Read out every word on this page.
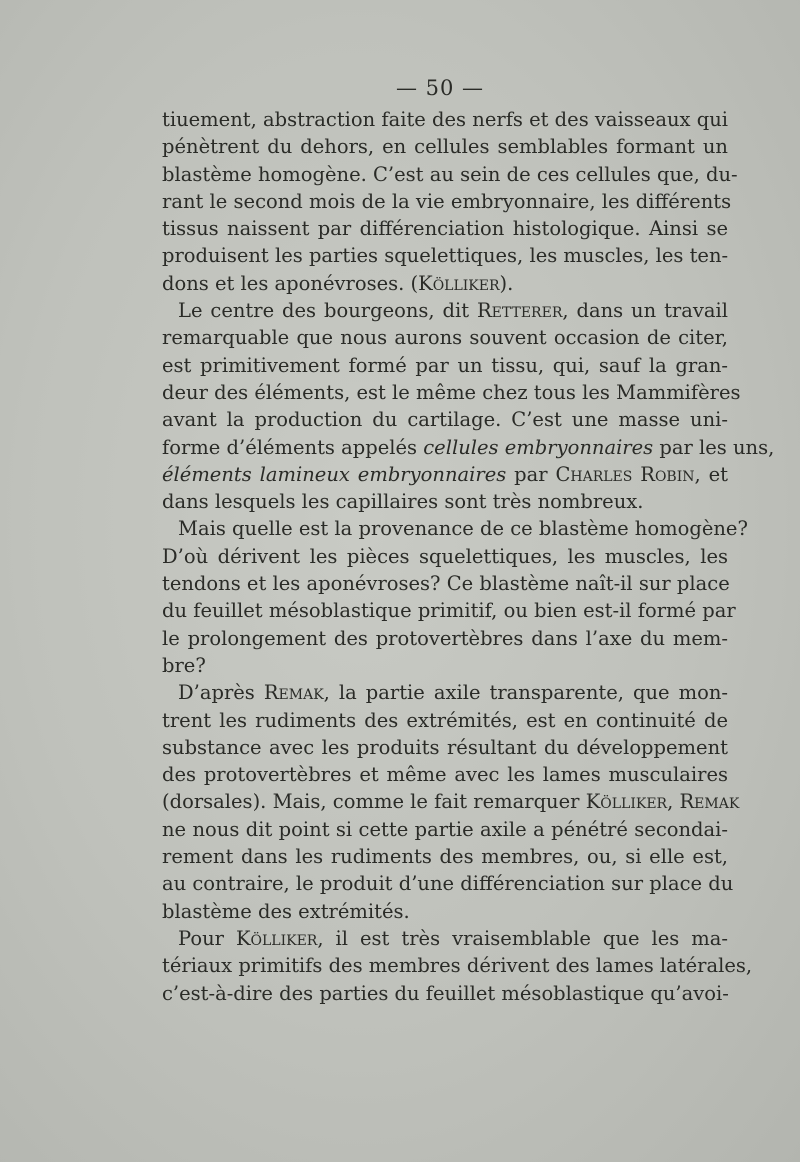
— 50 —
tiuement, abstraction faite des nerfs et des vaisseaux qui
pénètrent du dehors, en cellules semblables formant un
blastème homogène. C’est au sein de ces cellules que, du-
rant le second mois de la vie embryonnaire, les différents
tissus naissent par différenciation histologique. Ainsi se
produisent les parties squelettiques, les muscles, les ten-
dons et les aponévroses. (Kölliker).
Le centre des bourgeons, dit Retterer, dans un travail
remarquable que nous aurons souvent occasion de citer,
est primitivement formé par un tissu, qui, sauf la gran-
deur des éléments, est le même chez tous les Mammifères
avant la production du cartilage. C’est une masse uni-
forme d’éléments appelés cellules embryonnaires par les uns,
éléments lamineux embryonnaires par Charles Robin, et
dans lesquels les capillaires sont très nombreux.
Mais quelle est la provenance de ce blastème homogène?
D’où dérivent les pièces squelettiques, les muscles, les
tendons et les aponévroses? Ce blastème naît-il sur place
du feuillet mésoblastique primitif, ou bien est-il formé par
le prolongement des protovertèbres dans l’axe du mem-
bre?
D’après Remak, la partie axile transparente, que mon-
trent les rudiments des extrémités, est en continuité de
substance avec les produits résultant du développement
des protovertèbres et même avec les lames musculaires
(dorsales). Mais, comme le fait remarquer Kölliker, Remak
ne nous dit point si cette partie axile a pénétré secondai-
rement dans les rudiments des membres, ou, si elle est,
au contraire, le produit d’une différenciation sur place du
blastème des extrémités.
Pour Kölliker, il est très vraisemblable que les ma-
tériaux primitifs des membres dérivent des lames latérales,
c’est-à-dire des parties du feuillet mésoblastique qu’avoi-
